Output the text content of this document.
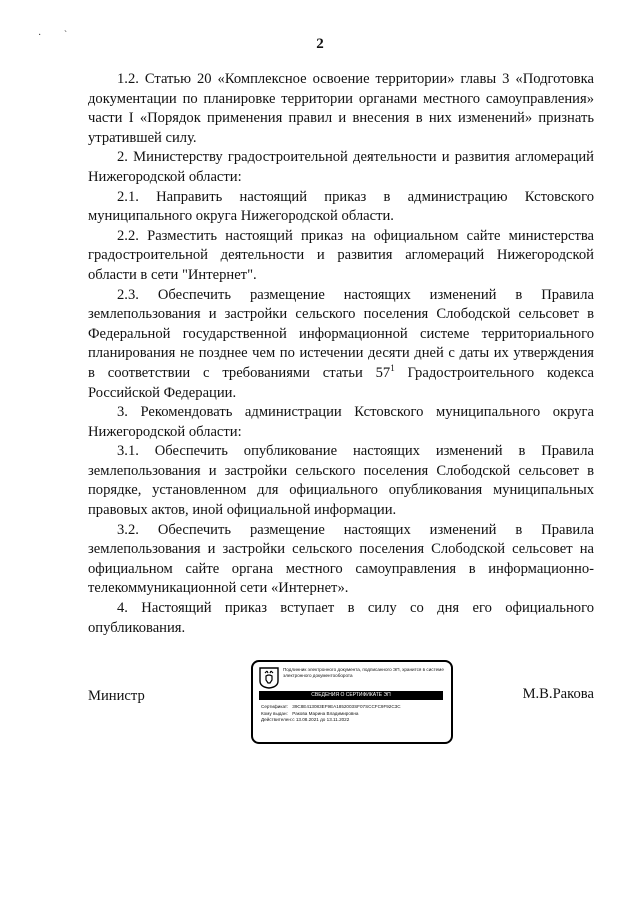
· `
2

1.2. Статью 20 «Комплексное освоение территории» главы 3 «Подготовка документации по планировке территории органами местного самоуправления» части I «Порядок применения правил и внесения в них изменений» признать утратившей силу.

2. Министерству градостроительной деятельности и развития агломераций Нижегородской области:

2.1. Направить настоящий приказ в администрацию Кстовского муниципального округа Нижегородской области.

2.2. Разместить настоящий приказ на официальном сайте министерства градостроительной деятельности и развития агломераций Нижегородской области в сети "Интернет".

2.3. Обеспечить размещение настоящих изменений в Правила землепользования и застройки сельского поселения Слободской сельсовет в Федеральной государственной информационной системе территориального планирования не позднее чем по истечении десяти дней с даты их утверждения в соответствии с требованиями статьи $57^1$ Градостроительного кодекса Российской Федерации.

3. Рекомендовать администрации Кстовского муниципального округа Нижегородской области:

3.1. Обеспечить опубликование настоящих изменений в Правила землепользования и застройки сельского поселения Слободской сельсовет в порядке, установленном для официального опубликования муниципальных правовых актов, иной официальной информации.

3.2. Обеспечить размещение настоящих изменений в Правила землепользования и застройки сельского поселения Слободской сельсовет на официальном сайте органа местного самоуправления в информационно-телекоммуникационной сети «Интернет».

4. Настоящий приказ вступает в силу со дня его официального опубликования.

Министр
Подлинник электронного документа, подписанного ЭП, хранится в системе электронного документооборота
СВЕДЕНИЯ О СЕРТИФИКАТЕ ЭП
Сертификат: 39C8E413083EF9EA1852003SF07SCCFC9F92C3C
Кому выдан: Ракова Марина Владимировна
Действителен: с 13.08.2021 до 13.11.2022
М.В.Ракова
